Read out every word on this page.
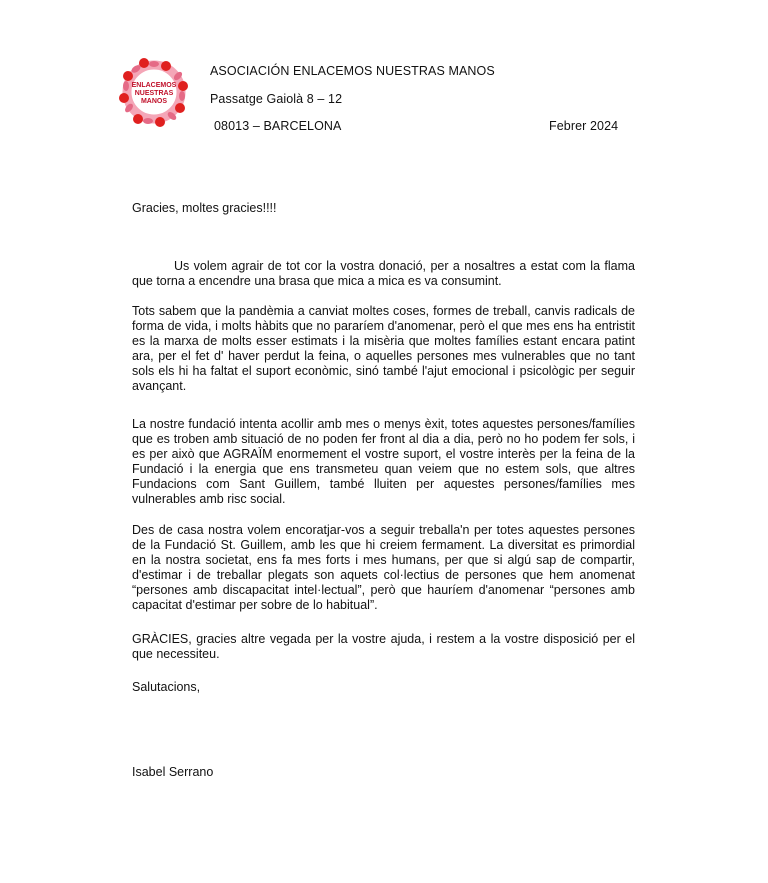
ENLACEMOS
NUESTRAS
MANOS
ASOCIACIÓN ENLACEMOS NUESTRAS MANOS
Passatge Gaiolà 8 – 12
08013 – BARCELONA	Febrer 2024
Gracies, moltes gracies!!!!

Us volem agrair de tot cor la vostra donació, per a nosaltres a estat com la flama que torna a encendre una brasa que mica a mica es va consumint.

Tots sabem que la pandèmia a canviat moltes coses, formes de treball, canvis radicals de forma de vida, i molts hàbits que no pararíem d'anomenar, però el que mes ens ha entristit es la marxa de molts esser estimats i la misèria que moltes famílies estant encara patint ara, per el fet d' haver perdut la feina, o aquelles persones mes vulnerables que no tant sols els hi ha faltat el suport econòmic, sinó també l'ajut emocional i psicològic per seguir avançant.

La nostre fundació intenta acollir amb mes o menys èxit, totes aquestes persones/famílies que es troben amb situació de no poden fer front al dia a dia, però no ho podem fer sols, i es per això que AGRAÏM enormement el vostre suport, el vostre interès per la feina de la Fundació i la energia que ens transmeteu quan veiem que no estem sols, que altres Fundacions com Sant Guillem, també lluiten per aquestes persones/famílies mes vulnerables amb risc social.

Des de casa nostra volem encoratjar-vos a seguir treballa'n per totes aquestes persones de la Fundació St. Guillem, amb les que hi creiem fermament. La diversitat es primordial en la nostra societat, ens fa mes forts i mes humans, per que si algú sap de compartir, d'estimar i de treballar plegats son aquets col·lectius de persones que hem anomenat “persones amb discapacitat intel·lectual”, però que hauríem d'anomenar “persones amb capacitat d'estimar per sobre de lo habitual”.

GRÀCIES, gracies altre vegada per la vostre ajuda, i restem a la vostre disposició per el que necessiteu.

Salutacions,
Isabel Serrano
